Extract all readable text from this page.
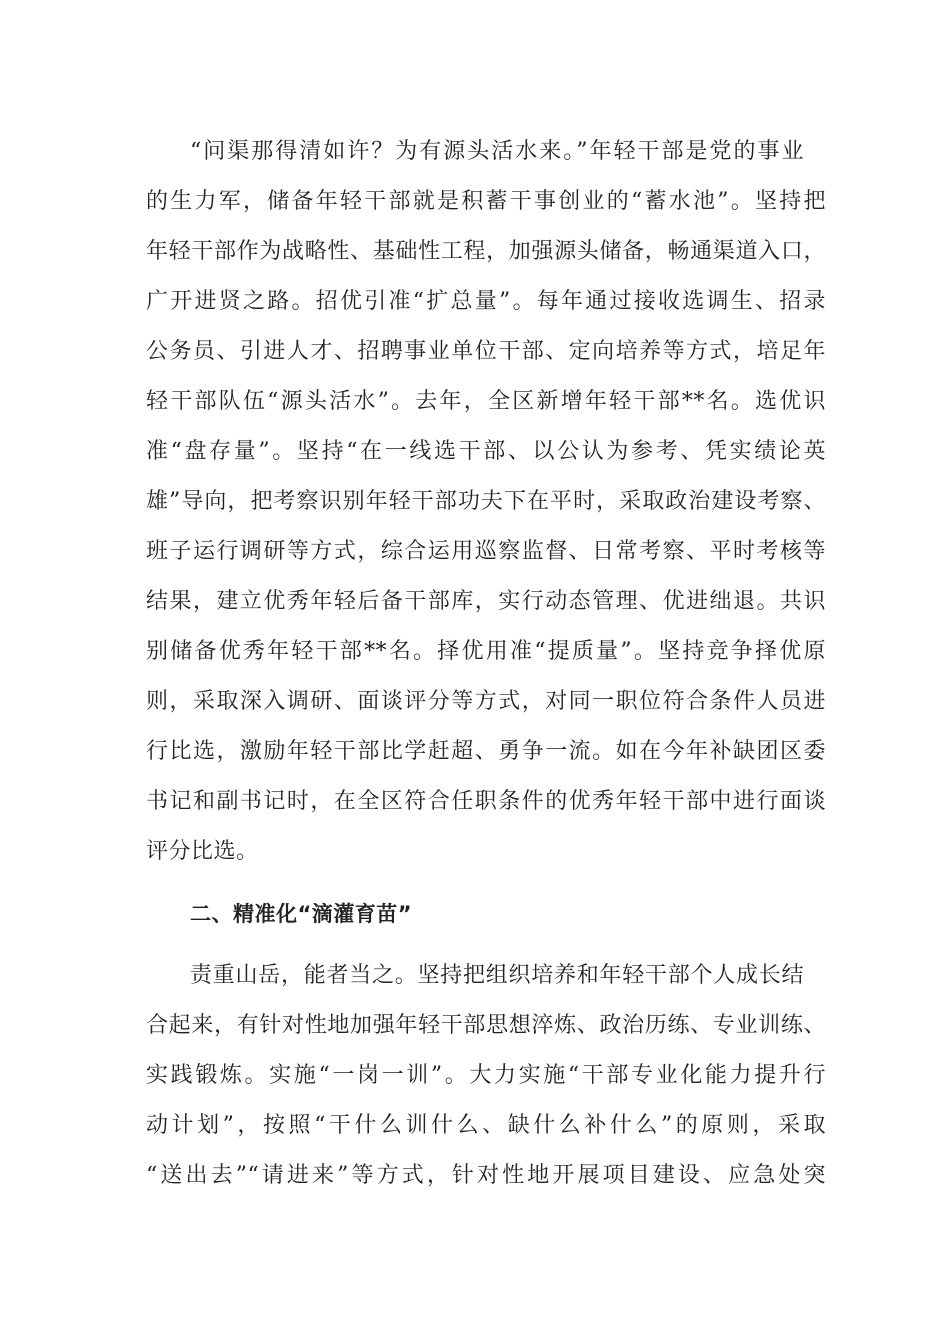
“问渠那得清如许？为有源头活水来。”年轻干部是党的事业
的生力军，储备年轻干部就是积蓄干事创业的“蓄水池”。坚持把
年轻干部作为战略性、基础性工程，加强源头储备，畅通渠道入口，
广开进贤之路。招优引准“扩总量”。每年通过接收选调生、招录
公务员、引进人才、招聘事业单位干部、定向培养等方式，培足年
轻干部队伍“源头活水”。去年，全区新增年轻干部**名。选优识
准“盘存量”。坚持“在一线选干部、以公认为参考、凭实绩论英
雄”导向，把考察识别年轻干部功夫下在平时，采取政治建设考察、
班子运行调研等方式，综合运用巡察监督、日常考察、平时考核等
结果，建立优秀年轻后备干部库，实行动态管理、优进绌退。共识
别储备优秀年轻干部**名。择优用准“提质量”。坚持竞争择优原
则，采取深入调研、面谈评分等方式，对同一职位符合条件人员进
行比选，激励年轻干部比学赶超、勇争一流。如在今年补缺团区委
书记和副书记时，在全区符合任职条件的优秀年轻干部中进行面谈
评分比选。
二、精准化“滴灌育苗”
责重山岳，能者当之。坚持把组织培养和年轻干部个人成长结
合起来，有针对性地加强年轻干部思想淬炼、政治历练、专业训练、
实践锻炼。实施“一岗一训”。大力实施“干部专业化能力提升行
动计划”，按照“干什么训什么、缺什么补什么”的原则，采取
“送出去”“请进来”等方式，针对性地开展项目建设、应急处突
